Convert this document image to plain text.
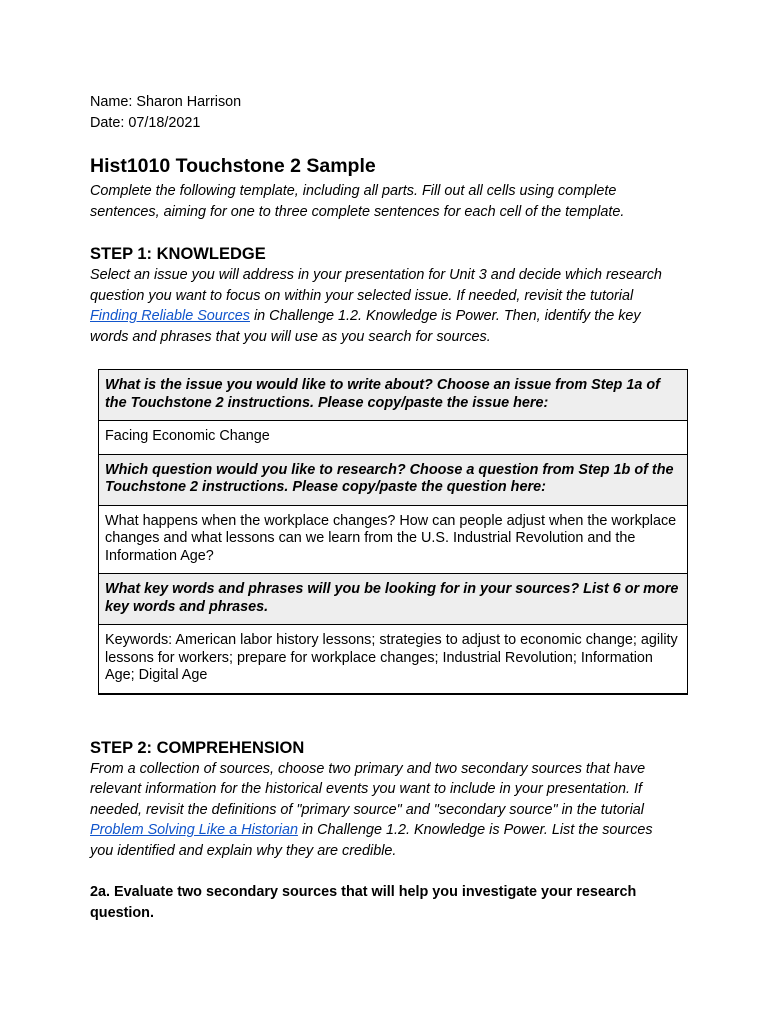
Name: Sharon Harrison

Date: 07/18/2021

Hist1010 Touchstone 2 Sample

Complete the following template, including all parts. Fill out all cells using complete sentences, aiming for one to three complete sentences for each cell of the template.

STEP 1: KNOWLEDGE

Select an issue you will address in your presentation for Unit 3 and decide which research question you want to focus on within your selected issue. If needed, revisit the tutorial Finding Reliable Sources in Challenge 1.2. Knowledge is Power. Then, identify the key words and phrases that you will use as you search for sources.

What is the issue you would like to write about? Choose an issue from Step 1a of the Touchstone 2 instructions. Please copy/paste the issue here:
Facing Economic Change
Which question would you like to research? Choose a question from Step 1b of the Touchstone 2 instructions. Please copy/paste the question here:
What happens when the workplace changes? How can people adjust when the workplace changes and what lessons can we learn from the U.S. Industrial Revolution and the Information Age?
What key words and phrases will you be looking for in your sources? List 6 or more key words and phrases.
Keywords: American labor history lessons; strategies to adjust to economic change; agility lessons for workers; prepare for workplace changes; Industrial Revolution; Information Age; Digital Age
STEP 2: COMPREHENSION

From a collection of sources, choose two primary and two secondary sources that have relevant information for the historical events you want to include in your presentation. If needed, revisit the definitions of "primary source" and "secondary source" in the tutorial Problem Solving Like a Historian in Challenge 1.2. Knowledge is Power. List the sources you identified and explain why they are credible.

2a. Evaluate two secondary sources that will help you investigate your research question.
